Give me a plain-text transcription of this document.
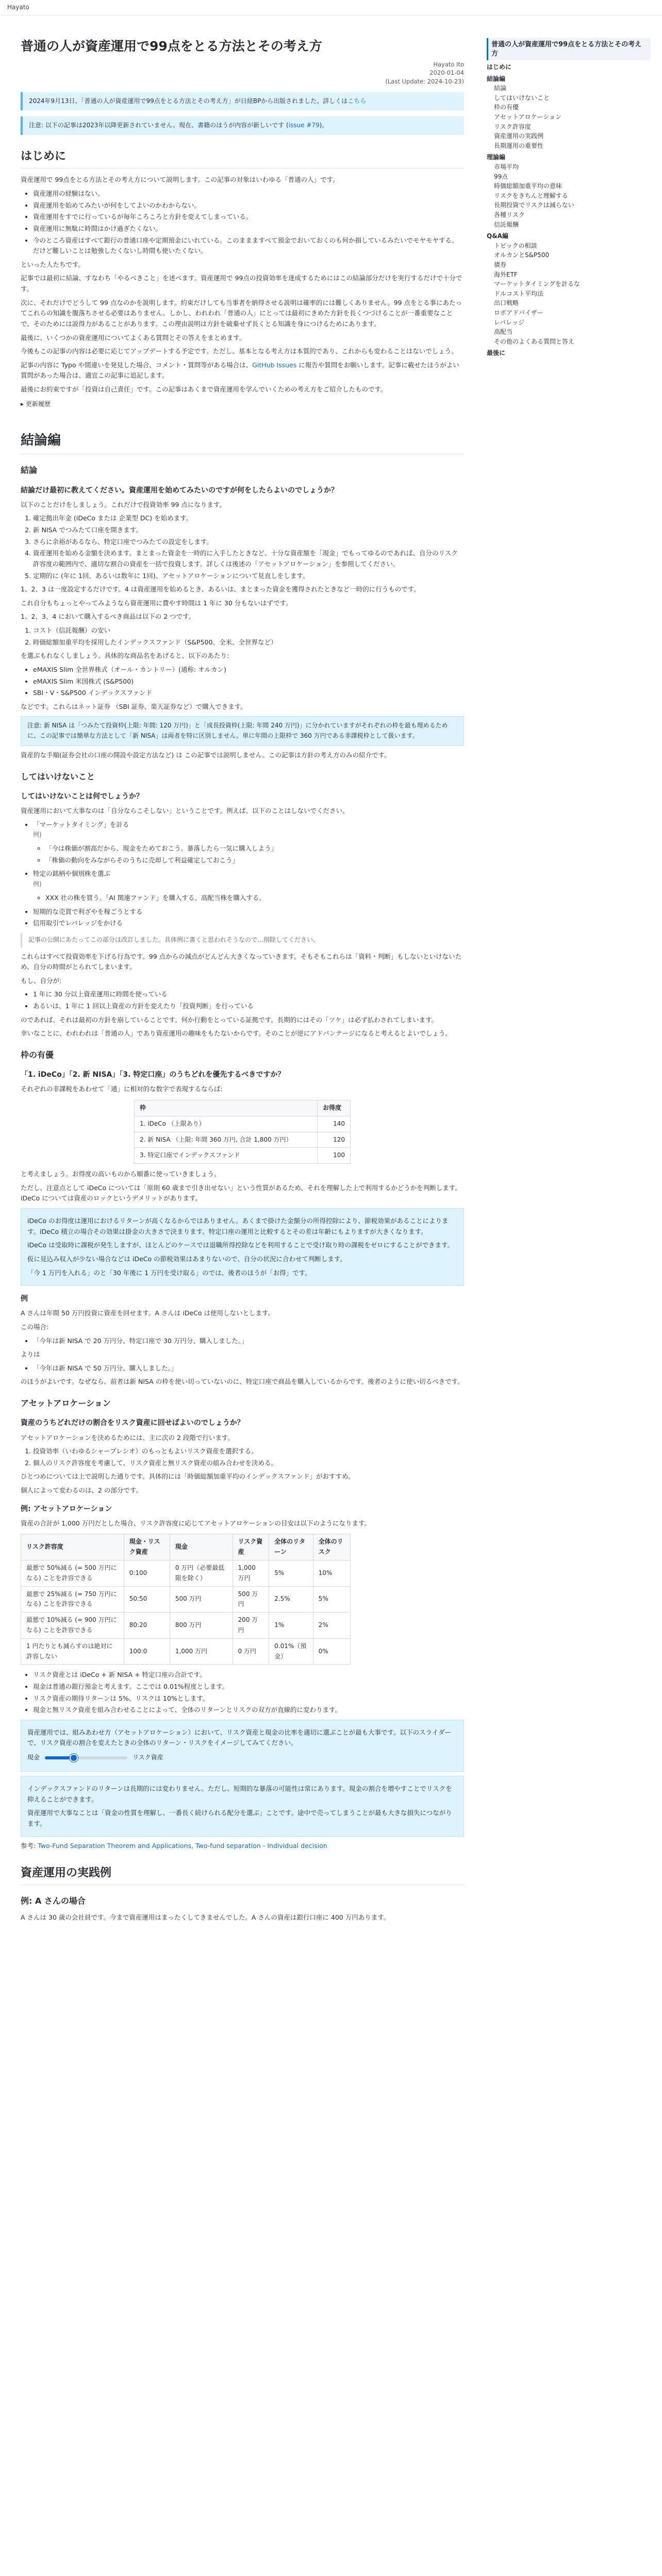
Hayato
普通の人が資産運用で99点をとる方法とその考え方
Hayato Ito
2020-01-04
(Last Update: 2024-10-23)
2024年9月13日、「普通の人が資産運用で99点をとる方法とその考え方」が日経BPから出版されました。詳しくはこちら
注意: 以下の記事は2023年以降更新されていません。現在、書籍のほうが内容が新しいです (issue #79)。
はじめに

資産運用で 99点をとる方法とその考え方について説明します。この記事の対象はいわゆる「普通の人」です。

• 資産運用の経験はない。
• 資産運用を始めてみたいが何をしてよいのかわからない。
• 資産運用をすでに行っているが毎年ころころと方針を変えてしまっている。
• 資産運用に無駄に時間はかけ過ぎたくない。
• 今のところ資産はすべて銀行の普通口座や定期預金にいれている。このままますべて預金でおいておくのも何か損しているみたいでモヤモヤする。だけど難しいことは勉強したくないし時間も使いたくない。

といった人たちです。

記事では最初に結論、すなわち「やるべきこと」を述べます。資産運用で 99点の投資効率を達成するためにはこの結論部分だけを実行するだけで十分です。

次に、それだけでどうして 99 点なのかを説明します。約束だけしても当事者を納得させる説明は確率的には難しくありません。99 点をとる事にあたってこれらの知識を腹落ちさせる必要はありません。しかし、われわれ「普通の人」にとっては最初にきめた方針を長くつづけることが一番重要なことで、そのためには説得力があることがあります。この理由説明は方針を破棄せず長くとる知識を身につけるためにあります。

最後に、いくつかの資産運用についてよくある質問とその答えをまとめます。

今後もこの記事の内容は必要に応じてアップデートする予定です。ただし、基本となる考え方は本質的であり、これからも変わることはないでしょう。

記事の内容に Typo や間違いを発見した場合、コメント・質問等がある場合は、GitHub Issues に報告や質問をお願いします。記事に載せたほうがよい質問があった場合は、適宜この記事に追記します。

最後にお約束ですが「投資は自己責任」です。この記事はあくまで資産運用を学んでいくための考え方をご紹介したものです。

▸ 更新履歴
結論編
結論
結論だけ最初に教えてください。資産運用を始めてみたいのですが何をしたらよいのでしょうか？

以下のことだけをしましょう。これだけで投資効率 99 点になります。

1. 確定拠出年金 (iDeCo または 企業型 DC) を始めます。
2. 新 NISA でつみたて口座を開きます。
3. さらに余裕があるなら、特定口座でつみたての設定をします。
4. 資産運用を始める金額を決めます。まとまった資金を一時的に入手したときなど、十分な資産額を「現金」でもってゆるのであれば、自分のリスク許容度の範囲内で、適切な割合の資産を一括で投資します。詳しくは後述の「アセットアロケーション」を参照してください。
5. 定期的に (年に 1回、あるいは数年に 1回)、アセットアロケーションについて見直しをします。

1、2、3 は一度設定するだけです。4 は資産運用を始めるとき、あるいは、まとまった資金を獲得されたときなど一時的に行うものです。

これ自分もちょっとやってみようなら資産運用に費やす時間は 1 年に 30 分もないはずです。

1、2、3、4 において購入するべき商品は以下の 2 つです。

1. コスト（信託報酬）の安い
2. 時価総額加重平均を採用したインデックスファンド（S&P500、全米、全世界など）

を選ぶもれなくしましょう。具体的な商品名をあげると、以下のあたり:

• eMAXIS Slim 全世界株式（オール・カントリー）(通称: オルカン)
• eMAXIS Slim 米国株式 (S&P500)
• SBI・V・S&P500 インデックスファンド

などです。これらはネット証券 （SBI 証券、楽天証券など）で購入できます。

注意: 新 NISA は「つみたて投資枠(上限: 年間: 120 万円)」と「成長投資枠(上限: 年間 240 万円)」に分かれていますがそれぞれの枠を最も埋めるために、この記事では簡単な方法として「新 NISA」は両者を特に区別しません。単に年間の上限枠で 360 万円である非課税枠として扱います。

資産的な手順(証券会社の口座の開設や設定方法など) は この記事では説明しません。この記事は方針の考え方のみの紹介です。

してはいけないこと
してはいけないことは何でしょうか？

資産運用において大事なのは「自分ならこそしない」ということです。例えば、以下のことはしないでください。

• 「マーケットタイミング」を計る
例)
◦ 「今は株価が割高だから、現金をためておこう。暴落したら一気に購入しよう」
◦ 「株価の動向をみながらそのうちに売却して利益確定しておこう」
• 特定の銘柄や個別株を選ぶ
例)
◦ XXX 社の株を買う。「AI 関連ファンド」を購入する。高配当株を購入する。
• 短期的な売買で利ざやを稼ごうとする
• 信用取引でレバレッジをかける
記事の公開にあたってこの部分は改訂しました。具体例に書くと思われそうなので…削除してください。

これらはすべて投資効率を下げる行為です。99 点からの減点がどんどん大きくなっていきます。そもそもこれらは「資料・判断」もしないといけないため、自分の時間がとられてしまいます。

もし、自分が:

• 1 年に 30 分以上資産運用に時間を使っている
• あるいは、1 年に 1 回以上資産の方針を変えたり「投資判断」を行っている

のであれば、それは最初の方針を崩していることです。何か行動をとっている証拠です。長期的にはその「ツケ」は必ず払わされてしまいます。

幸いなことに、われわれは「普通の人」であり資産運用の趣味をもたないからです。そのことが逆にアドバンテージになると考えるとよいでしょう。

枠の有優
「1. iDeCo」「2. 新 NISA」「3. 特定口座」のうちどれを優先するべきですか？

それぞれの非課税をあわせて「通」に相対的な数字で表現するならば:

枠	お得度
1. iDeCo （上限あり）	140
2. 新 NISA （上限: 年間 360 万円, 合計 1,800 万円）	120
3. 特定口座でインデックスファンド	100

と考えましょう。お得度の高いものから順番に使っていきましょう。

ただし、注意点として iDeCo については「原則 60 歳まで引き出せない」という性質があるため、それを理解した上で利用するかどうかを判断します。iDeCo については資産のロックというデメリットがあります。

iDeCo のお得度は運用におけるリターンが高くなるからではありません。あくまで掛けた金額分の所得控除により、節税効果があることによります。iDeCo 積立の場合その効果は掛金の大きさで決まります。特定口座の運用と比較するとその差は年齢にもよりますが大きくなります。

iDeCo は受取時に課税が発生しますが、ほとんどのケースでは退職所得控除などを利用することで受け取り時の課税をゼロにすることができます。

仮に見込み収入が少ない場合などは iDeCo の節税効果はあまりないので、自分の状況に合わせて判断します。

「今 1 万円を入れる」のと「30 年後に 1 万円を受け取る」のでは、後者のほうが「お得」です。

例

A さんは年間 50 万円投資に資産を回せます。A さんは iDeCo は使用しないとします。

この場合:

• 「今年は新 NISA で 20 万円分、特定口座で 30 万円分、購入しました。」

よりは

• 「今年は新 NISA で 50 万円分、購入しました。」

のほうがよいです。なぜなら、前者は新 NISA の枠を使い切っていないのに、特定口座で商品を購入しているからです。後者のように使い切るべきです。

アセットアロケーション
資産のうちどれだけの割合をリスク資産に回せばよいのでしょうか？

アセットアロケーションを決めるためには、主に次の 2 段階で行います。

1. 投資効率（いわゆるシャープレシオ）のもっともよいリスク資産を選択する。
2. 個人のリスク許容度を考慮して、リスク資産と無リスク資産の組み合わせを決める。

ひとつめについては上で説明した通りです。具体的には「時価総額加重平均のインデックスファンド」がおすすめ。

個人によって変わるのは、2 の部分です。

例: アセットアロケーション

資産の合計が 1,000 万円だとした場合、リスク許容度に応じてアセットアロケーションの目安は以下のようになります。

リスク許容度	現金・リスク資産	現金	リスク資産	全体のリターン	全体のリスク
最悪で 50%減る (= 500 万円になる) ことを許容できる	0:100	0 万円（必要最低限を除く）	1,000 万円	5%	10%
最悪で 25%減る (= 750 万円になる) ことを許容できる	50:50	500 万円	500 万円	2.5%	5%
最悪で 10%減る (= 900 万円になる) ことを許容できる	80:20	800 万円	200 万円	1%	2%
1 円たりとも減らすのは絶対に許容しない	100:0	1,000 万円	0 万円	0.01%（預金）	0%
• リスク資産とは iDeCo + 新 NISA + 特定口座の合計です。
• 現金は普通の銀行預金と考えます。ここでは 0.01%程度とします。
• リスク資産の期待リターンは 5%、リスクは 10%とします。
• 現金と無リスク資産を組み合わせることによって、全体のリターンとリスクの双方が直線的に変わります。

資産運用では、組みあわせ方（アセットアロケーション）において、リスク資産と現金の比率を適切に選ぶことが最も大事です。以下のスライダーで、リスク資産の割合を変えたときの全体のリターン・リスクをイメージしてみてください。

現金	リスク資産

インデックスファンドのリターンは長期的には変わりません。ただし、短期的な暴落の可能性は常にあります。現金の割合を増やすことでリスクを抑えることができます。

資産運用で大事なことは「資金の性質を理解し、一番長く続けられる配分を選ぶ」ことです。途中で売ってしまうことが最も大きな損失につながります。

参考: Two-Fund Separation Theorem and Applications, Two-fund separation - Individual decision

資産運用の実践例
例: A さんの場合

A さんは 30 歳の会社員です。今まで資産運用はまったくしてきませんでした。A さんの資産は銀行口座に 400 万円あります。

普通の人が資産運用で99点をとる方法とその考え方
はじめに
結論編
結論
してはいけないこと
枠の有優
アセットアロケーション
リスク許容度
資産運用の実践例
長期運用の重要性
理論編
市場平均
99点
時価総額加重平均の意味
リスクをきちんと理解する
長期投資でリスクは減らない
各種リスク
信託報酬
Q&A編
トピックの相談
オルカンとS&P500
債券
海外ETF
マーケットタイミングを計るな
ドルコスト平均法
出口戦略
ロボアドバイザー
レバレッジ
高配当
その他のよくある質問と答え
最後に
